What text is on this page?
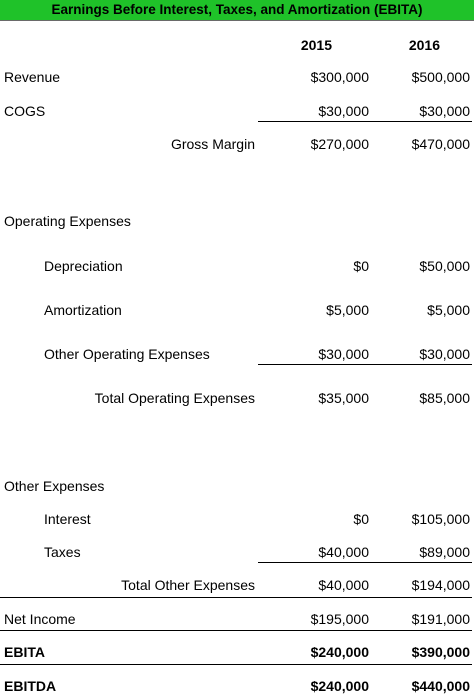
Earnings Before Interest, Taxes, and Amortization (EBITA)
2015	2016
Revenue	$300,000	$500,000
COGS	$30,000	$30,000
Gross Margin	$270,000	$470,000
Operating Expenses
Depreciation	$0	$50,000
Amortization	$5,000	$5,000
Other Operating Expenses	$30,000	$30,000
Total Operating Expenses	$35,000	$85,000
Other Expenses
Interest	$0	$105,000
Taxes	$40,000	$89,000
Total Other Expenses	$40,000	$194,000
Net Income	$195,000	$191,000
EBITA	$240,000	$390,000
EBITDA	$240,000	$440,000
